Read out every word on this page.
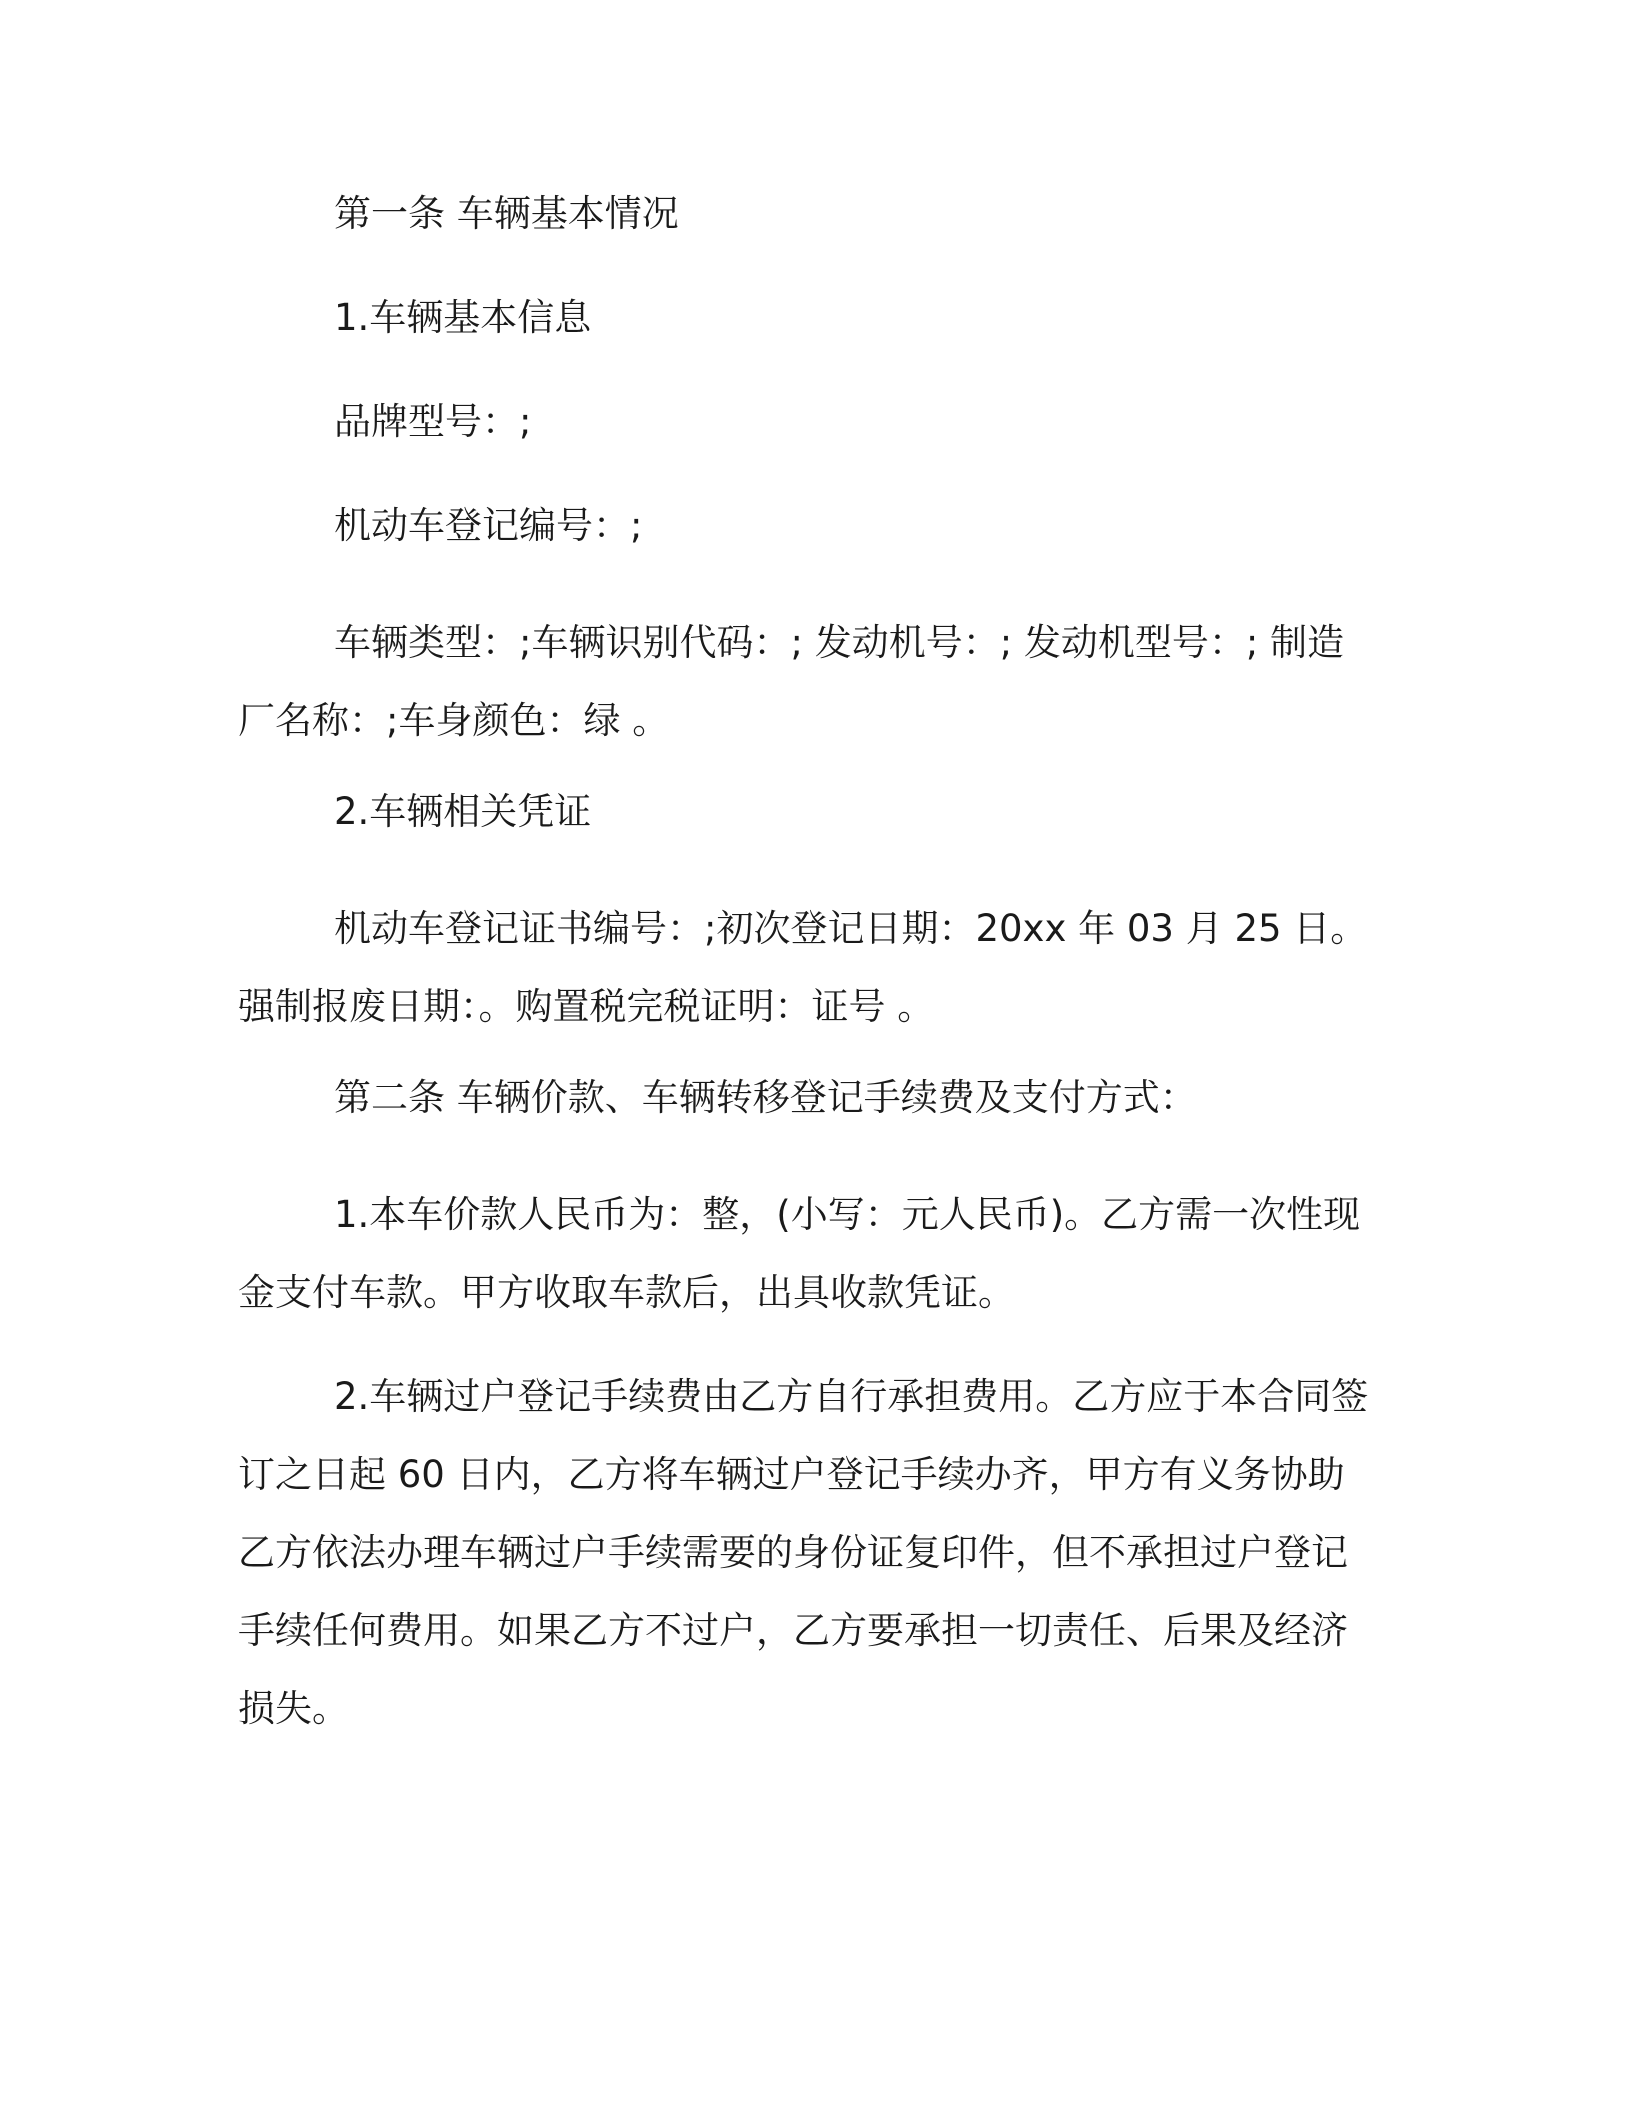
第一条 车辆基本情况

1.车辆基本信息

品牌型号：;

机动车登记编号：;

车辆类型：;车辆识别代码：; 发动机号：; 发动机型号：; 制造厂名称：;车身颜色：绿 。

2.车辆相关凭证

机动车登记证书编号：;初次登记日期：20xx 年 03 月 25 日。强制报废日期：。购置税完税证明：证号 。

第二条 车辆价款、车辆转移登记手续费及支付方式：

1.本车价款人民币为：整，(小写：元人民币)。乙方需一次性现金支付车款。甲方收取车款后，出具收款凭证。

2.车辆过户登记手续费由乙方自行承担费用。乙方应于本合同签订之日起 60 日内，乙方将车辆过户登记手续办齐，甲方有义务协助乙方依法办理车辆过户手续需要的身份证复印件，但不承担过户登记手续任何费用。如果乙方不过户，乙方要承担一切责任、后果及经济损失。
